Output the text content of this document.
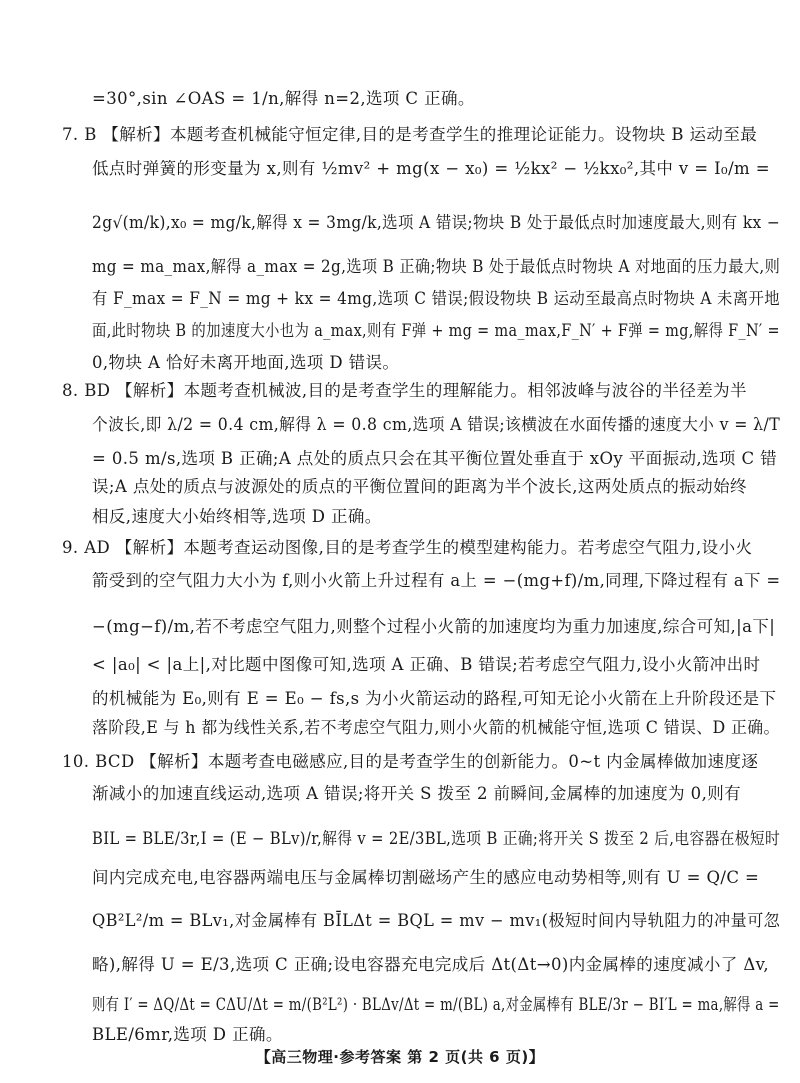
=30°,sin ∠OAS = 1/n,解得 n=2,选项 C 正确。
7. B 【解析】本题考查机械能守恒定律,目的是考查学生的推理论证能力。设物块 B 运动至最
低点时弹簧的形变量为 x,则有 ½mv² + mg(x − x₀) = ½kx² − ½kx₀²,其中 v = I₀/m =
2g√(m/k),x₀ = mg/k,解得 x = 3mg/k,选项 A 错误;物块 B 处于最低点时加速度最大,则有 kx −
mg = ma_max,解得 a_max = 2g,选项 B 正确;物块 B 处于最低点时物块 A 对地面的压力最大,则
有 F_max = F_N = mg + kx = 4mg,选项 C 错误;假设物块 B 运动至最高点时物块 A 未离开地
面,此时物块 B 的加速度大小也为 a_max,则有 F弹 + mg = ma_max,F_N′ + F弹 = mg,解得 F_N′ =
0,物块 A 恰好未离开地面,选项 D 错误。
8. BD 【解析】本题考查机械波,目的是考查学生的理解能力。相邻波峰与波谷的半径差为半
个波长,即 λ/2 = 0.4 cm,解得 λ = 0.8 cm,选项 A 错误;该横波在水面传播的速度大小 v = λ/T
= 0.5 m/s,选项 B 正确;A 点处的质点只会在其平衡位置处垂直于 xOy 平面振动,选项 C 错
误;A 点处的质点与波源处的质点的平衡位置间的距离为半个波长,这两处质点的振动始终
相反,速度大小始终相等,选项 D 正确。
9. AD 【解析】本题考查运动图像,目的是考查学生的模型建构能力。若考虑空气阻力,设小火
箭受到的空气阻力大小为 f,则小火箭上升过程有 a上 = −(mg+f)/m,同理,下降过程有 a下 =
−(mg−f)/m,若不考虑空气阻力,则整个过程小火箭的加速度均为重力加速度,综合可知,|a下|
< |a₀| < |a上|,对比题中图像可知,选项 A 正确、B 错误;若考虑空气阻力,设小火箭冲出时
的机械能为 E₀,则有 E = E₀ − fs,s 为小火箭运动的路程,可知无论小火箭在上升阶段还是下
落阶段,E 与 h 都为线性关系,若不考虑空气阻力,则小火箭的机械能守恒,选项 C 错误、D 正确。
10. BCD 【解析】本题考查电磁感应,目的是考查学生的创新能力。0~t 内金属棒做加速度逐
渐减小的加速直线运动,选项 A 错误;将开关 S 拨至 2 前瞬间,金属棒的加速度为 0,则有
BIL = BLE/3r,I = (E − BLv)/r,解得 v = 2E/3BL,选项 B 正确;将开关 S 拨至 2 后,电容器在极短时
间内完成充电,电容器两端电压与金属棒切割磁场产生的感应电动势相等,则有 U = Q/C =
QB²L²/m = BLv₁,对金属棒有 BĪLΔt = BQL = mv − mv₁(极短时间内导轨阻力的冲量可忽
略),解得 U = E/3,选项 C 正确;设电容器充电完成后 Δt(Δt→0)内金属棒的速度减小了 Δv,
则有 I′ = ΔQ/Δt = CΔU/Δt = m/(B²L²) · BLΔv/Δt = m/(BL) a,对金属棒有 BLE/3r − BI′L = ma,解得 a =
BLE/6mr,选项 D 正确。
【高三物理·参考答案 第 2 页(共 6 页)】
